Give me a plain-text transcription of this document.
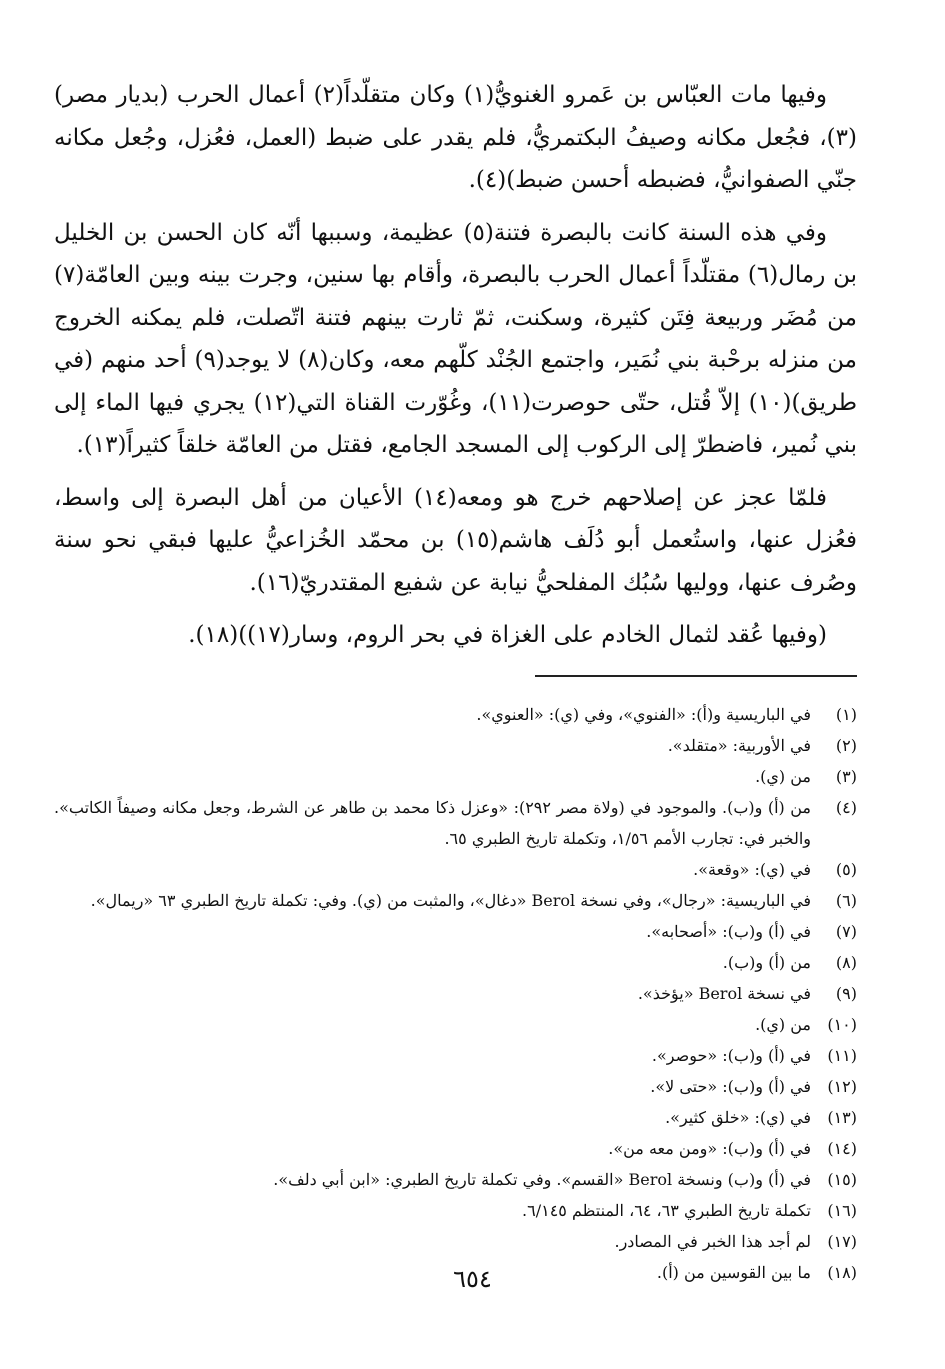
وفيها مات العبّاس بن عَمرو الغنويُّ(١) وكان متقلّداً(٢) أعمال الحرب (بديار مصر)(٣)، فجُعل مكانه وصيفُ البكتمريُّ، فلم يقدر على ضبط (العمل، فعُزل، وجُعل مكانه جنّي الصفوانيُّ، فضبطه أحسن ضبط)(٤).

وفي هذه السنة كانت بالبصرة فتنة(٥) عظيمة، وسببها أنّه كان الحسن بن الخليل بن رمال(٦) مقتلّداً أعمال الحرب بالبصرة، وأقام بها سنين، وجرت بينه وبين العامّة(٧) من مُضَر وربيعة فِتَن كثيرة، وسكنت، ثمّ ثارت بينهم فتنة اتّصلت، فلم يمكنه الخروج من منزله برحْبة بني نُمَير، واجتمع الجُنْد كلّهم معه، وكان(٨) لا يوجد(٩) أحد منهم (في طريق)(١٠) إلاّ قُتل، حتّى حوصرت(١١)، وغُوّرت القناة التي(١٢) يجري فيها الماء إلى بني نُمير، فاضطرّ إلى الركوب إلى المسجد الجامع، فقتل من العامّة خلقاً كثيراً(١٣).

فلمّا عجز عن إصلاحهم خرج هو ومعه(١٤) الأعيان من أهل البصرة إلى واسط، فعُزل عنها، واستُعمل أبو دُلَف هاشم(١٥) بن محمّد الخُزاعيُّ عليها فبقي نحو سنة وصُرف عنها، ووليها سُبُك المفلحيُّ نيابة عن شفيع المقتدريّ(١٦).

(وفيها عُقد لثمال الخادم على الغزاة في بحر الروم، وسار(١٧))(١٨).

(١)
في الباريسية و(أ): «الفنوي»، وفي (ي): «العنوي».
(٢)
في الأوربية: «متقلد».
(٣)
من (ي).
(٤)
من (أ) و(ب). والموجود في (ولاة مصر ٢٩٢): «وعزل ذكا محمد بن طاهر عن الشرط، وجعل مكانه وصيفاً الكاتب». والخبر في: تجارب الأمم ١/٥٦، وتكملة تاريخ الطبري ٦٥.
(٥)
في (ي): «وقعة».
(٦)
في الباريسية: «رجال»، وفي نسخة Berol «دغال»، والمثبت من (ي). وفي: تكملة تاريخ الطبري ٦٣ «ريمال».
(٧)
في (أ) و(ب): «أصحابه».
(٨)
من (أ) و(ب).
(٩)
في نسخة Berol «يؤخذ».
(١٠)
من (ي).
(١١)
في (أ) و(ب): «حوصر».
(١٢)
في (أ) و(ب): «حتى لا».
(١٣)
في (ي): «خلق كثير».
(١٤)
في (أ) و(ب): «ومن معه من».
(١٥)
في (أ) و(ب) ونسخة Berol «القسم». وفي تكملة تاريخ الطبري: «ابن أبي دلف».
(١٦)
تكملة تاريخ الطبري ٦٣، ٦٤، المنتظم ٦/١٤٥.
(١٧)
لم أجد هذا الخبر في المصادر.
(١٨)
ما بين القوسين من (أ).
٦٥٤
